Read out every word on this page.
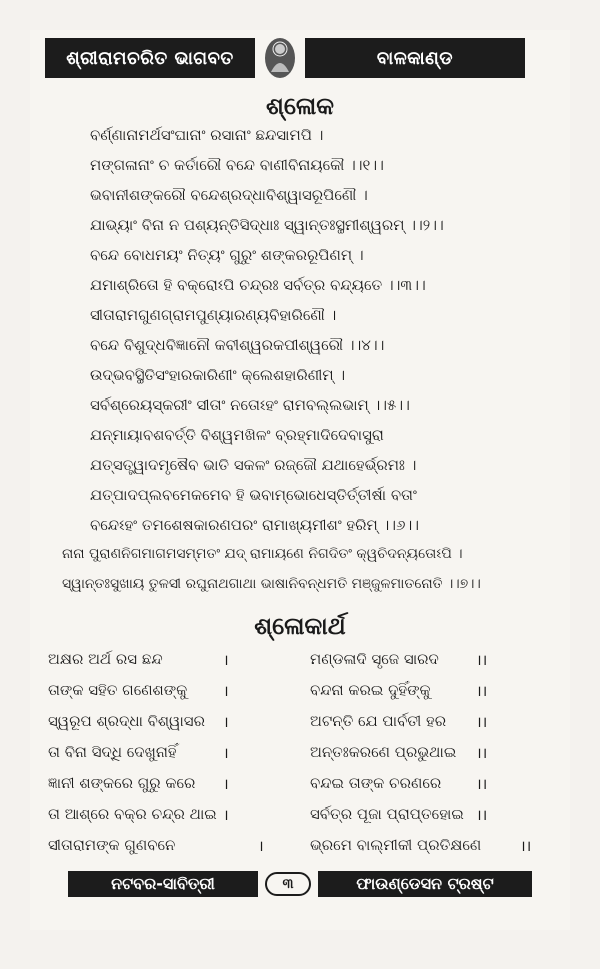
ଶ୍ରୀରାମଚରିତ ଭାଗବତ	ବାଳକାଣ୍ଡ
ଶ୍ଳୋକ
ବର୍ଣ୍ଣାନାମର୍ଥସଂଘାନାଂ ରସାନାଂ ଛନ୍ଦସାମପି ।
ମଙ୍ଗଳାନାଂ ଚ କର୍ତାରୌ ବନ୍ଦେ ବାଣୀବିନାୟକୌ ।।୧।।
ଭବାନୀଶଙ୍କରୌ ବନ୍ଦେଶ୍ରଦ୍ଧାବିଶ୍ୱାସରୂପିଣୌ ।
ଯାଭ୍ୟାଂ ବିନା ନ ପଶ୍ୟନ୍ତିସିଦ୍ଧାଃ ସ୍ୱାନ୍ତଃସ୍ଥମୀଶ୍ୱରମ୍ ।।୨।।
ବନ୍ଦେ ବୋଧମୟଂ ନିତ୍ୟଂ ଗୁରୁଂ ଶଙ୍କରରୂପିଣମ୍ ।
ଯମାଶ୍ରିତୋ ହି ବକ୍ରୋଽପି ଚନ୍ଦ୍ରଃ ସର୍ବତ୍ର ବନ୍ଦ୍ୟତେ ।।୩।।
ସୀତାରାମଗୁଣଗ୍ରାମପୁଣ୍ୟାରଣ୍ୟବିହାରିଣୌ ।
ବନ୍ଦେ ବିଶୁଦ୍ଧବିଜ୍ଞାନୌ କବୀଶ୍ୱରକପୀଶ୍ୱରୌ ।।୪।।
ଉଦ୍ଭବସ୍ଥିତିସଂହାରକାରିଣୀଂ କ୍ଲେଶହାରିଣୀମ୍ ।
ସର୍ବଶ୍ରେୟସ୍କରୀଂ ସୀତାଂ ନତୋଽହଂ ରାମବଲ୍ଲଭାମ୍ ।।୫।।
ଯନ୍ମାୟାବଶବର୍ତ୍ତି ବିଶ୍ୱମଖିଳଂ ବ୍ରହ୍ମାଦିଦେବାସୁରା
ଯତ୍ସତ୍ତ୍ୱାଦମୃଷୈବ ଭାତି ସକଳଂ ରଜ୍ଜୌ ଯଥାହେର୍ଭ୍ରମଃ ।
ଯତ୍ପାଦପ୍ଲବମେକମେବ ହି ଭବାମ୍ଭୋଧେସ୍ତିର୍ତ୍ତୀର୍ଷା ବତାଂ
ବନ୍ଦେଽହଂ ତମଶେଷକାରଣପରଂ ରାମାଖ୍ୟମୀଶଂ ହରିମ୍ ।।୬।।
ନାନା ପୁରାଣନିଗମାଗମସମ୍ମତଂ ଯଦ୍ ରାମାୟଣେ ନିଗଦିତଂ କ୍ୱଚିଦନ୍ୟତୋଽପି ।
ସ୍ୱାନ୍ତଃସୁଖାୟ ତୁଳସୀ ରଘୁନାଥଗାଥା ଭାଷାନିବନ୍ଧମତି ମଞ୍ଜୁଳମାତନୋତି ।।୭।।
ଶ୍ଳୋକାର୍ଥ
ଅକ୍ଷର ଅର୍ଥ ରସ ଛନ୍ଦ	।	ମଣ୍ଡଳାଦି ସୃଜେ ସାରଦ ।।
ତାଙ୍କ ସହିତ ଗଣେଶଙ୍କୁ ।	ବନ୍ଦନା କରଇ ଦୁହିଁଙ୍କୁ	।।
ସ୍ୱରୂପ ଶ୍ରଦ୍ଧା ବିଶ୍ୱାସର ।	ଅଟନ୍ତି ଯେ ପାର୍ବତୀ ହର ।।
ତା ବିନା ସିଦ୍ଧି ଦେଖୁନାହିଁ	।	ଅନ୍ତଃକରଣେ ପ୍ରଭୁଥାଇ ।।
ଜ୍ଞାନୀ ଶଙ୍କରେ ଗୁରୁ କରେ ।	ବନ୍ଦଇ ତାଙ୍କ ଚରଣରେ ।।
ତା ଆଶ୍ରେ ବକ୍ର ଚନ୍ଦ୍ର ଥାଇ ।	ସର୍ବତ୍ର ପୂଜା ପ୍ରାପ୍ତହୋଇ ।।
ସୀତାରାମଙ୍କ ଗୁଣବନେ	।	ଭ୍ରମେ ବାଲ୍ମୀକୀ ପ୍ରତିକ୍ଷଣେ	।।
ନଟବର-ସାବିତ୍ରୀ	୩	ଫାଉଣ୍ଡେସନ ଟ୍ରଷ୍ଟ
